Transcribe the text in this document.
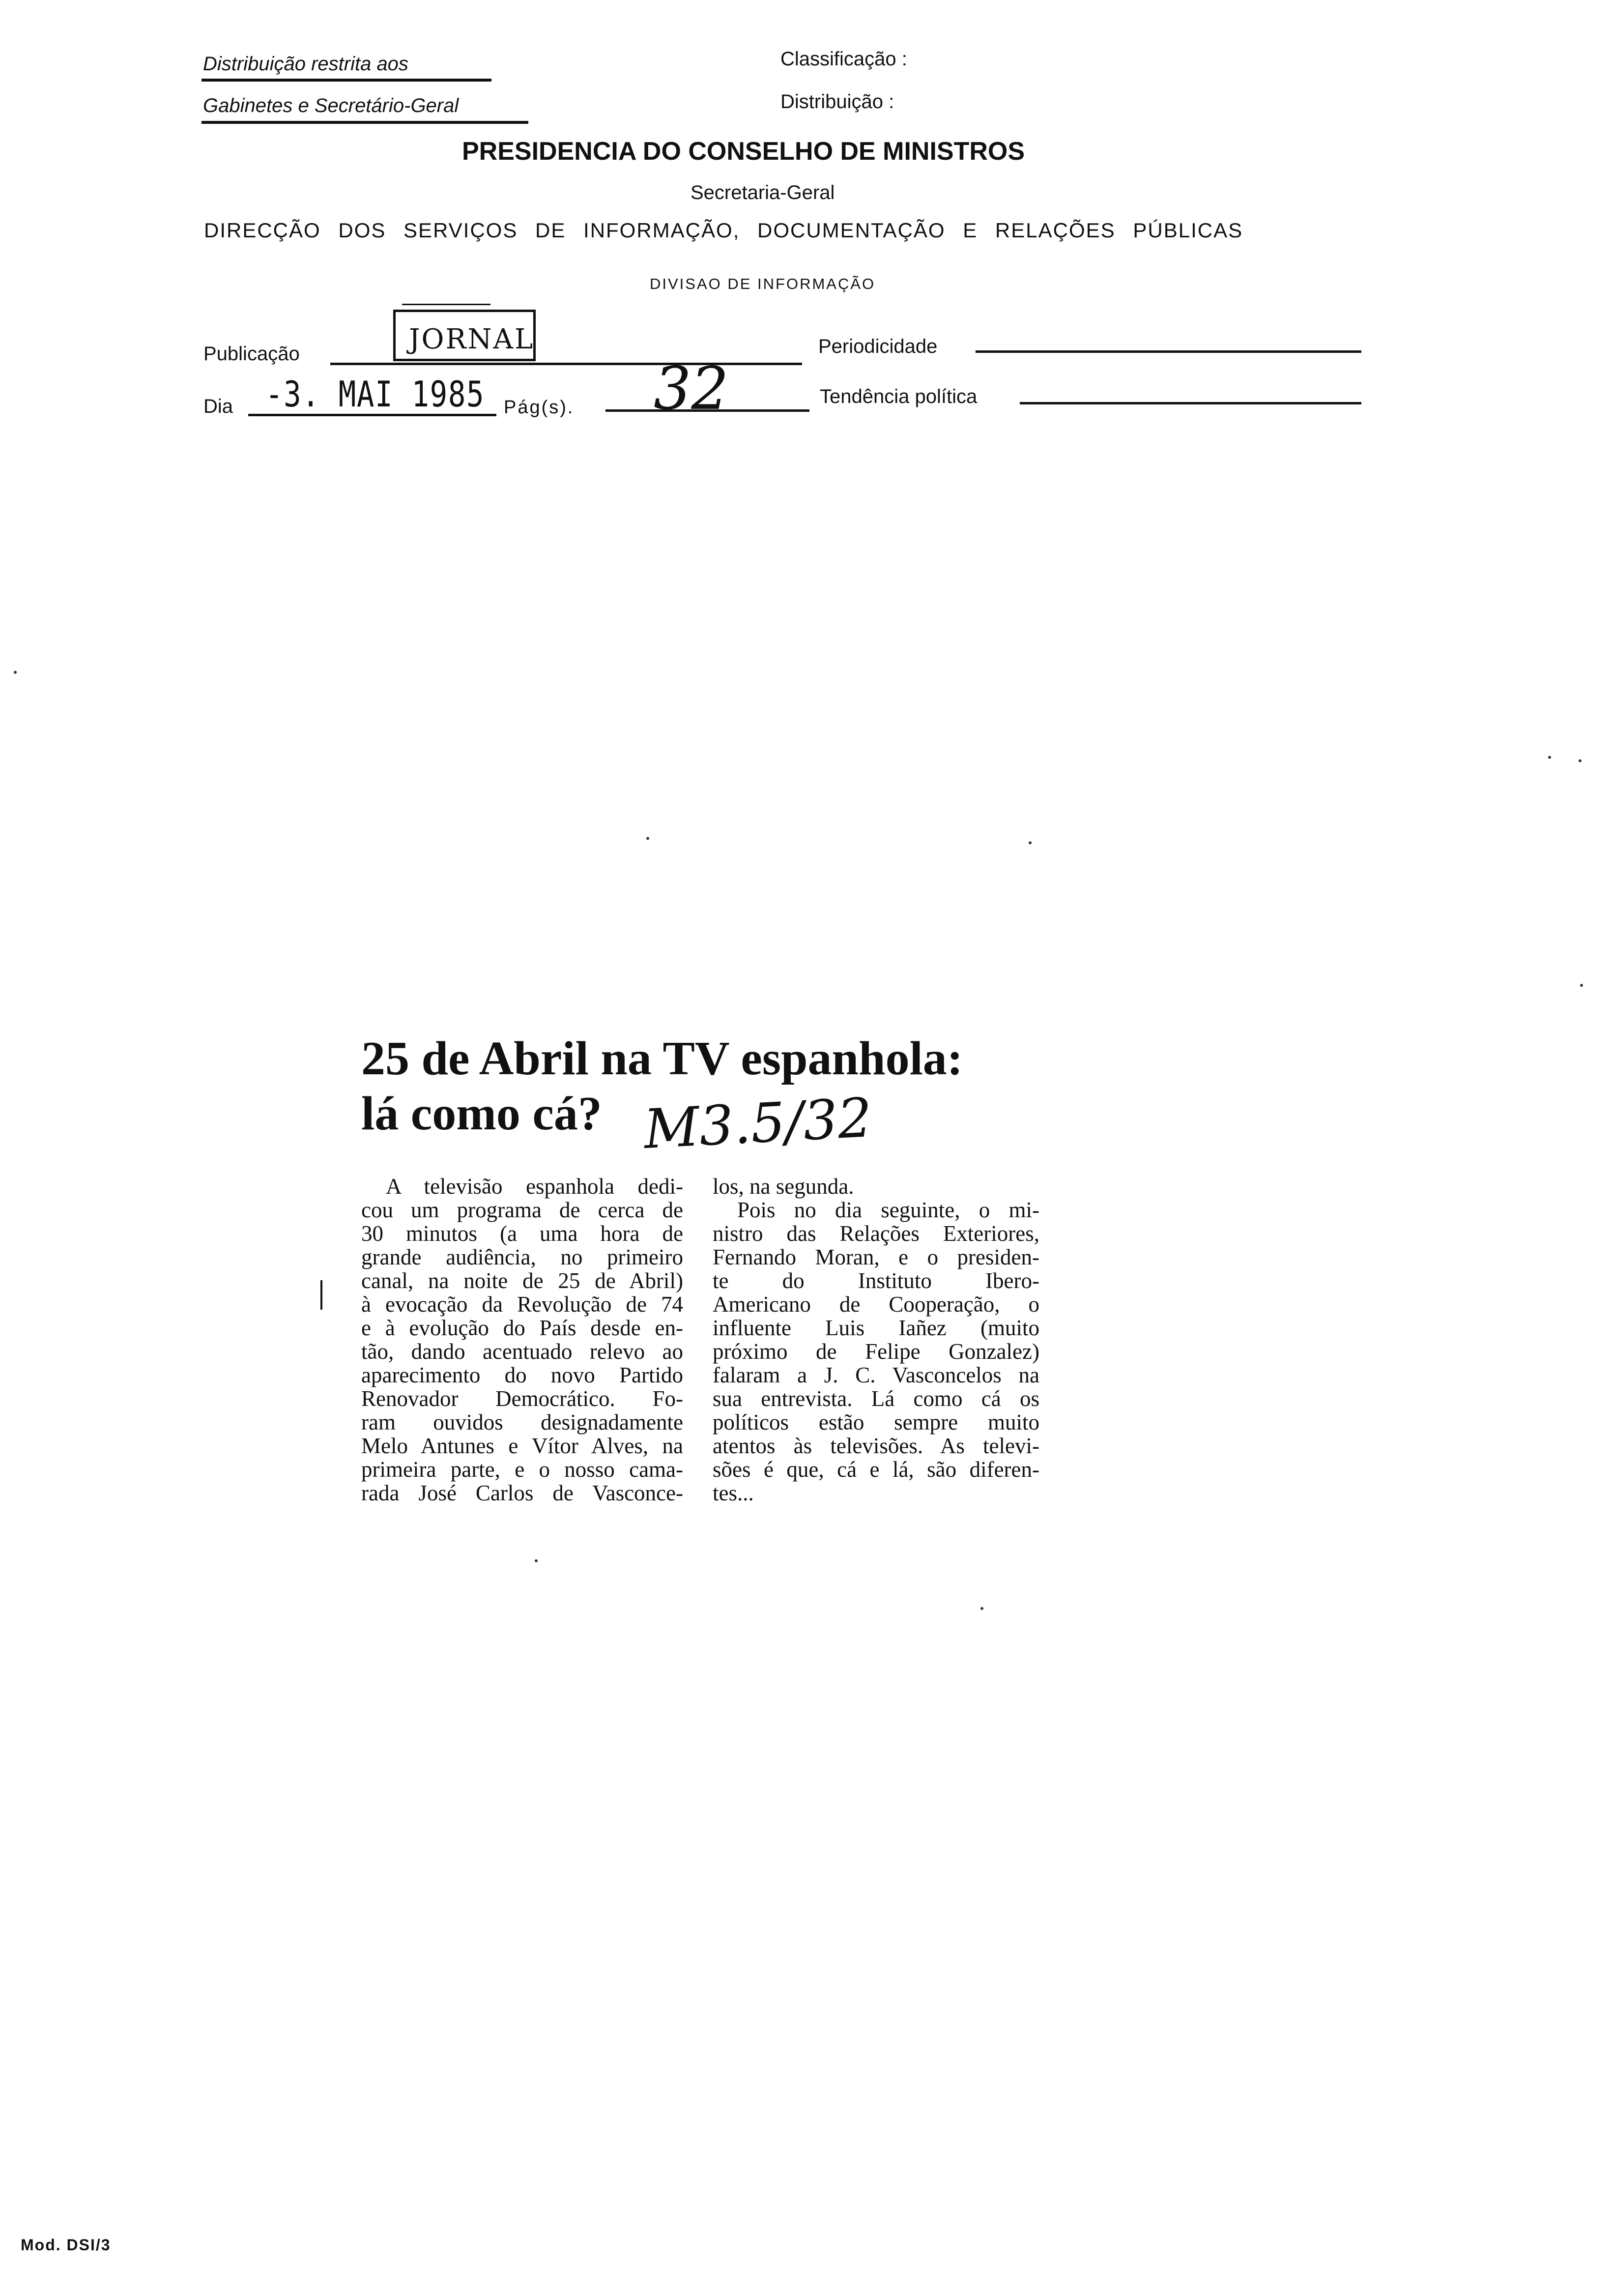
Distribuição restrita aos
Gabinetes e Secretário-Geral
Classificação :
Distribuição :
PRESIDENCIA DO CONSELHO DE MINISTROS
Secretaria-Geral
DIRECÇÃO DOS SERVIÇOS DE INFORMAÇÃO, DOCUMENTAÇÃO E RELAÇÕES PÚBLICAS
DIVISAO DE INFORMAÇÃO
Publicação	JORNAL	Periodicidade
Dia -3. MAI 1985 Pág(s). 32	Tendência política
25 de Abril na TV espanhola:
lá como cá? M3.5/32

A televisão espanhola dedi-

cou um programa de cerca de

30 minutos (a uma hora de

grande audiência, no primeiro

canal, na noite de 25 de Abril)

à evocação da Revolução de 74

e à evolução do País desde en-

tão, dando acentuado relevo ao

aparecimento do novo Partido

Renovador Democrático. Fo-

ram ouvidos designadamente

Melo Antunes e Vítor Alves, na

primeira parte, e o nosso cama-

rada José Carlos de Vasconce-

los, na segunda.

Pois no dia seguinte, o mi-

nistro das Relações Exteriores,

Fernando Moran, e o presiden-

te do Instituto Ibero-

Americano de Cooperação, o

influente Luis Iañez (muito

próximo de Felipe Gonzalez)

falaram a J. C. Vasconcelos na

sua entrevista. Lá como cá os

políticos estão sempre muito

atentos às televisões. As televi-

sões é que, cá e lá, são diferen-

tes...

Mod. DSI/3
